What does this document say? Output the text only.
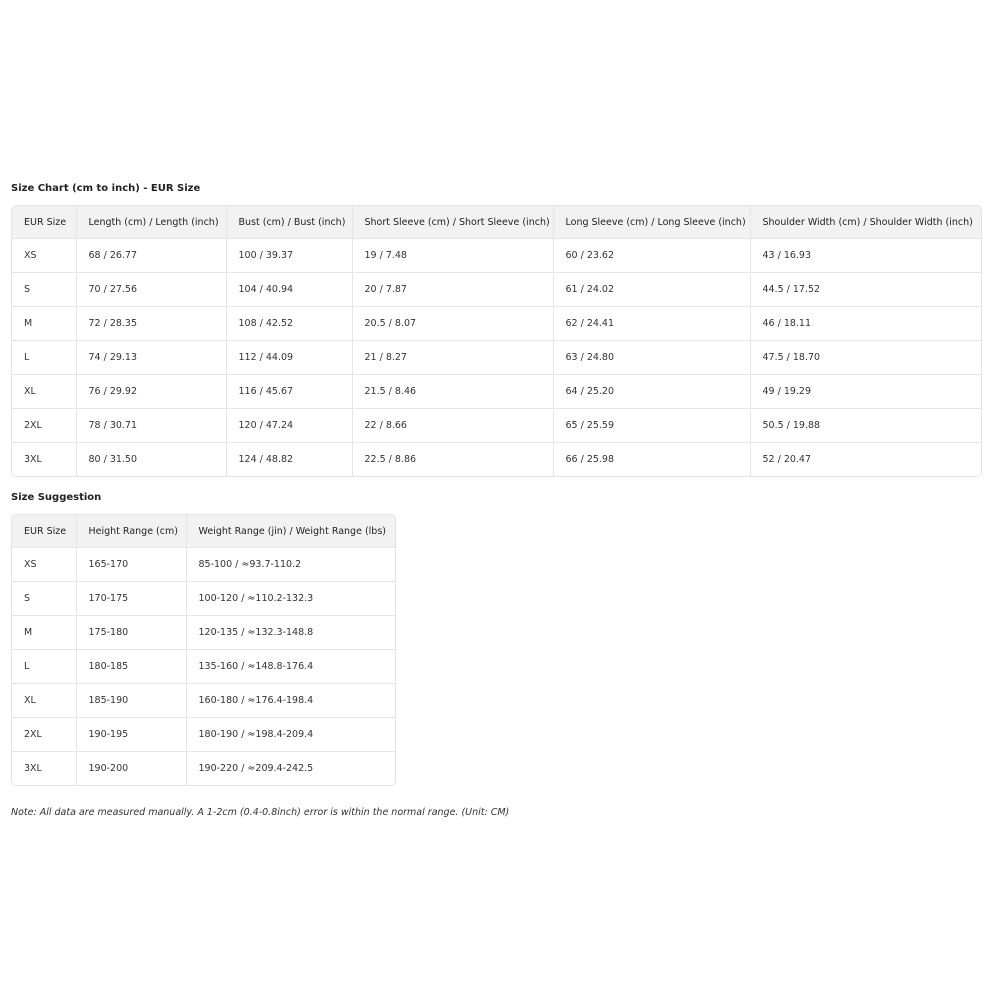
Size Chart (cm to inch) - EUR Size
EUR Size	Length (cm) / Length (inch)	Bust (cm) / Bust (inch)	Short Sleeve (cm) / Short Sleeve (inch)	Long Sleeve (cm) / Long Sleeve (inch)	Shoulder Width (cm) / Shoulder Width (inch)
XS	68 / 26.77	100 / 39.37	19 / 7.48	60 / 23.62	43 / 16.93
S	70 / 27.56	104 / 40.94	20 / 7.87	61 / 24.02	44.5 / 17.52
M	72 / 28.35	108 / 42.52	20.5 / 8.07	62 / 24.41	46 / 18.11
L	74 / 29.13	112 / 44.09	21 / 8.27	63 / 24.80	47.5 / 18.70
XL	76 / 29.92	116 / 45.67	21.5 / 8.46	64 / 25.20	49 / 19.29
2XL	78 / 30.71	120 / 47.24	22 / 8.66	65 / 25.59	50.5 / 19.88
3XL	80 / 31.50	124 / 48.82	22.5 / 8.86	66 / 25.98	52 / 20.47
Size Suggestion
EUR Size	Height Range (cm)	Weight Range (jin) / Weight Range (lbs)
XS	165-170	85-100 / ≈93.7-110.2
S	170-175	100-120 / ≈110.2-132.3
M	175-180	120-135 / ≈132.3-148.8
L	180-185	135-160 / ≈148.8-176.4
XL	185-190	160-180 / ≈176.4-198.4
2XL	190-195	180-190 / ≈198.4-209.4
3XL	190-200	190-220 / ≈209.4-242.5
Note: All data are measured manually. A 1-2cm (0.4-0.8inch) error is within the normal range. (Unit: CM)
